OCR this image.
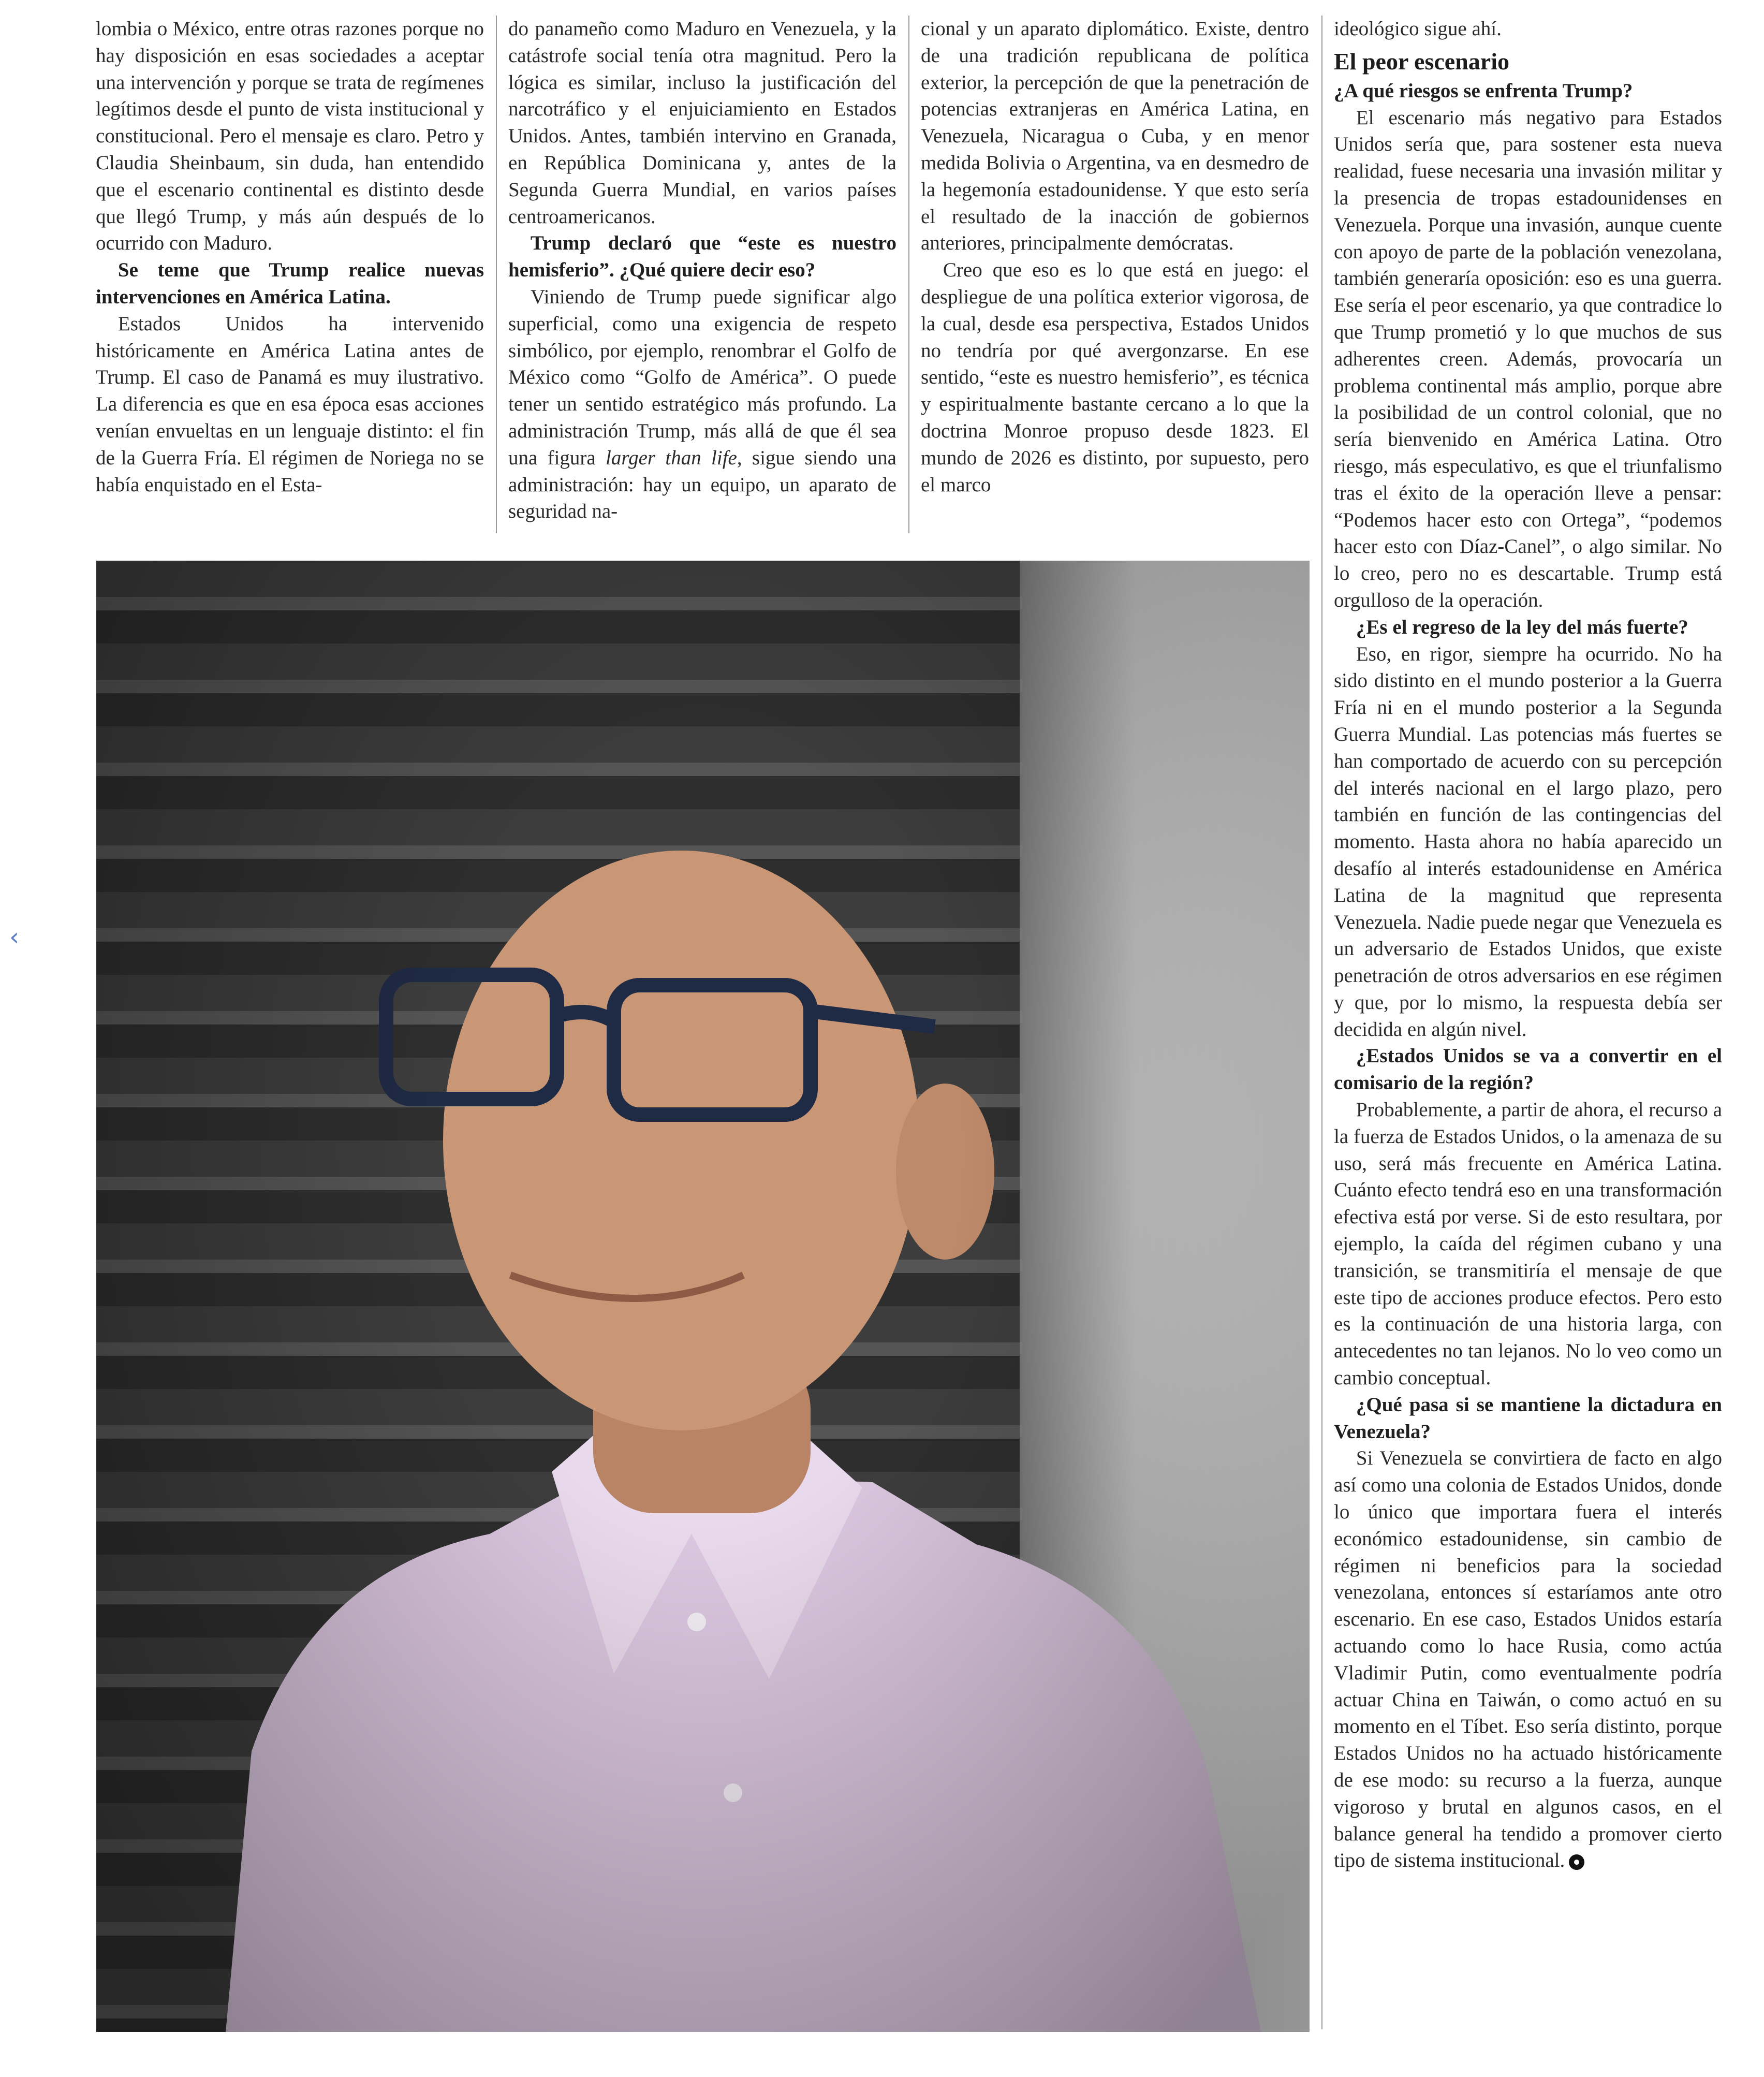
lombia o México, entre otras razones porque no hay disposición en esas sociedades a aceptar una intervención y porque se trata de regímenes legítimos desde el punto de vista institucional y constitucional. Pero el mensaje es claro. Petro y Claudia Sheinbaum, sin duda, han entendido que el escenario continental es distinto desde que llegó Trump, y más aún después de lo ocurrido con Maduro.

Se teme que Trump realice nuevas intervenciones en América Latina.

Estados Unidos ha intervenido históricamente en América Latina antes de Trump. El caso de Panamá es muy ilustrativo. La diferencia es que en esa época esas acciones venían envueltas en un lenguaje distinto: el fin de la Guerra Fría. El régimen de Noriega no se había enquistado en el Esta-

do panameño como Maduro en Venezuela, y la catástrofe social tenía otra magnitud. Pero la lógica es similar, incluso la justificación del narcotráfico y el enjuiciamiento en Estados Unidos. Antes, también intervino en Granada, en República Dominicana y, antes de la Segunda Guerra Mundial, en varios países centroamericanos.

Trump declaró que “este es nuestro hemisferio”. ¿Qué quiere decir eso?

Viniendo de Trump puede significar algo superficial, como una exigencia de respeto simbólico, por ejemplo, renombrar el Golfo de México como “Golfo de América”. O puede tener un sentido estratégico más profundo. La administración Trump, más allá de que él sea una figura larger than life, sigue siendo una administración: hay un equipo, un aparato de seguridad na-

cional y un aparato diplomático. Existe, dentro de una tradición republicana de política exterior, la percepción de que la penetración de potencias extranjeras en América Latina, en Venezuela, Nicaragua o Cuba, y en menor medida Bolivia o Argentina, va en desmedro de la hegemonía estadounidense. Y que esto sería el resultado de la inacción de gobiernos anteriores, principalmente demócratas.

Creo que eso es lo que está en juego: el despliegue de una política exterior vigorosa, de la cual, desde esa perspectiva, Estados Unidos no tendría por qué avergonzarse. En ese sentido, “este es nuestro hemisferio”, es técnica y espiritualmente bastante cercano a lo que la doctrina Monroe propuso desde 1823. El mundo de 2026 es distinto, por supuesto, pero el marco

ideológico sigue ahí.

El peor escenario

¿A qué riesgos se enfrenta Trump?

El escenario más negativo para Estados Unidos sería que, para sostener esta nueva realidad, fuese necesaria una invasión militar y la presencia de tropas estadounidenses en Venezuela. Porque una invasión, aunque cuente con apoyo de parte de la población venezolana, también generaría oposición: eso es una guerra. Ese sería el peor escenario, ya que contradice lo que Trump prometió y lo que muchos de sus adherentes creen. Además, provocaría un problema continental más amplio, porque abre la posibilidad de un control colonial, que no sería bienvenido en América Latina. Otro riesgo, más especulativo, es que el triunfalismo tras el éxito de la operación lleve a pensar: “Podemos hacer esto con Ortega”, “podemos hacer esto con Díaz-Canel”, o algo similar. No lo creo, pero no es descartable. Trump está orgulloso de la operación.

¿Es el regreso de la ley del más fuerte?

Eso, en rigor, siempre ha ocurrido. No ha sido distinto en el mundo posterior a la Guerra Fría ni en el mundo posterior a la Segunda Guerra Mundial. Las potencias más fuertes se han comportado de acuerdo con su percepción del interés nacional en el largo plazo, pero también en función de las contingencias del momento. Hasta ahora no había aparecido un desafío al interés estadounidense en América Latina de la magnitud que representa Venezuela. Nadie puede negar que Venezuela es un adversario de Estados Unidos, que existe penetración de otros adversarios en ese régimen y que, por lo mismo, la respuesta debía ser decidida en algún nivel.

¿Estados Unidos se va a convertir en el comisario de la región?

Probablemente, a partir de ahora, el recurso a la fuerza de Estados Unidos, o la amenaza de su uso, será más frecuente en América Latina. Cuánto efecto tendrá eso en una transformación efectiva está por verse. Si de esto resultara, por ejemplo, la caída del régimen cubano y una transición, se transmitiría el mensaje de que este tipo de acciones produce efectos. Pero esto es la continuación de una historia larga, con antecedentes no tan lejanos. No lo veo como un cambio conceptual.

¿Qué pasa si se mantiene la dictadura en Venezuela?

Si Venezuela se convirtiera de facto en algo así como una colonia de Estados Unidos, donde lo único que importara fuera el interés económico estadounidense, sin cambio de régimen ni beneficios para la sociedad venezolana, entonces sí estaríamos ante otro escenario. En ese caso, Estados Unidos estaría actuando como lo hace Rusia, como actúa Vladimir Putin, como eventualmente podría actuar China en Taiwán, o como actuó en su momento en el Tíbet. Eso sería distinto, porque Estados Unidos no ha actuado históricamente de ese modo: su recurso a la fuerza, aunque vigoroso y brutal en algunos casos, en el balance general ha tendido a promover cierto tipo de sistema institucional.

‹
